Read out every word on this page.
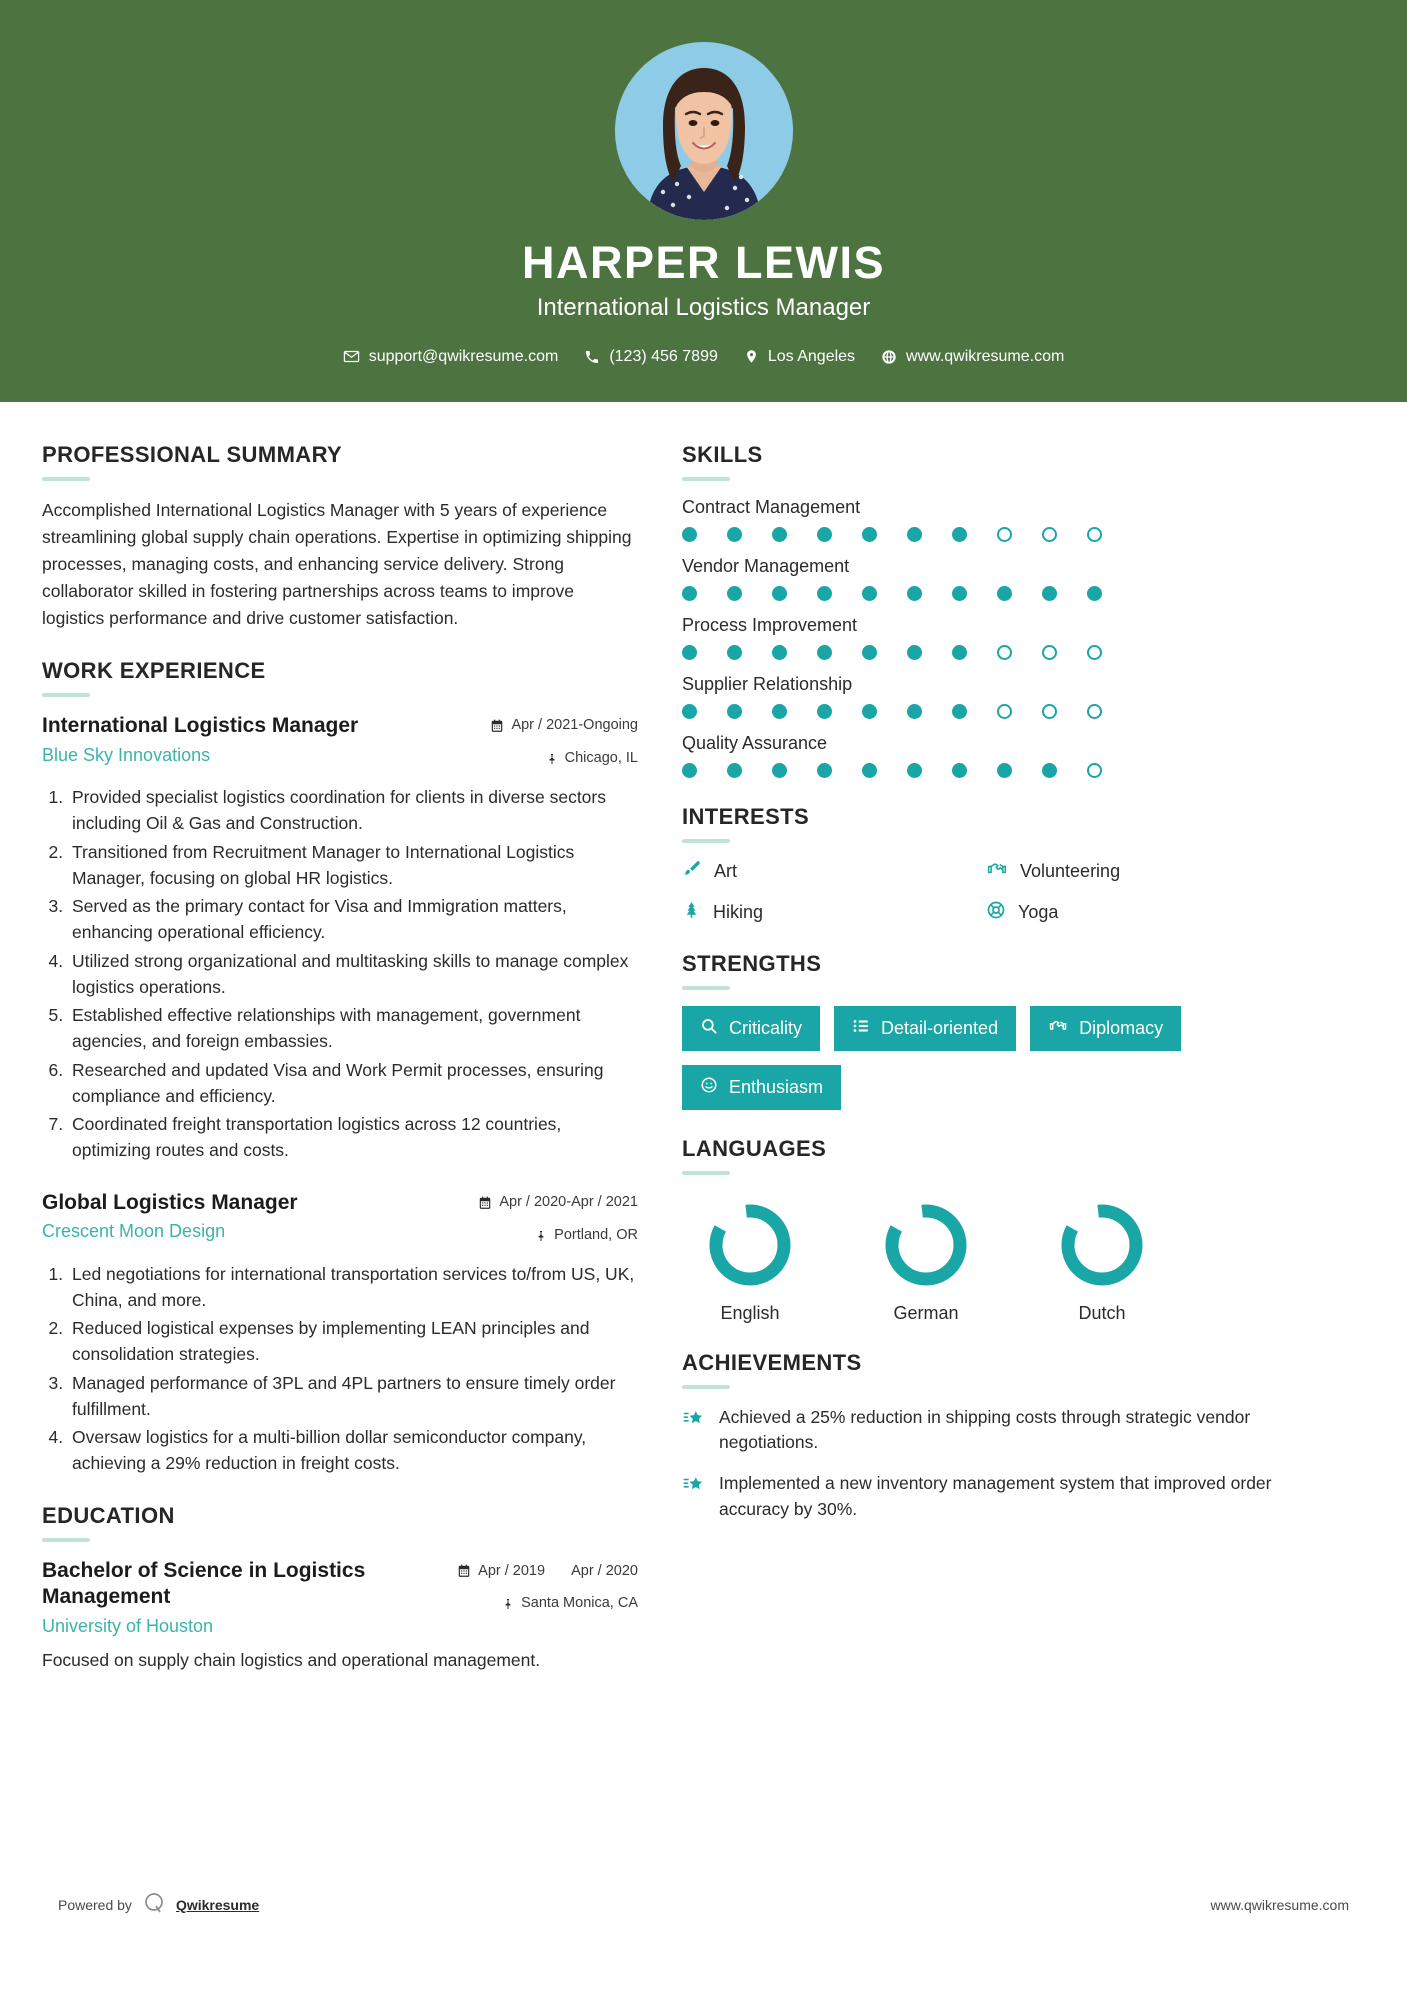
HARPER LEWIS
International Logistics Manager
support@qwikresume.com	(123) 456 7899	Los Angeles	www.qwikresume.com
PROFESSIONAL SUMMARY
Accomplished International Logistics Manager with 5 years of experience streamlining global supply chain operations. Expertise in optimizing shipping processes, managing costs, and enhancing service delivery. Strong collaborator skilled in fostering partnerships across teams to improve logistics performance and drive customer satisfaction.
WORK EXPERIENCE
International Logistics Manager
Blue Sky Innovations
Apr / 2021-Ongoing
Chicago, IL
1. Provided specialist logistics coordination for clients in diverse sectors including Oil & Gas and Construction.
2. Transitioned from Recruitment Manager to International Logistics Manager, focusing on global HR logistics.
3. Served as the primary contact for Visa and Immigration matters, enhancing operational efficiency.
4. Utilized strong organizational and multitasking skills to manage complex logistics operations.
5. Established effective relationships with management, government agencies, and foreign embassies.
6. Researched and updated Visa and Work Permit processes, ensuring compliance and efficiency.
7. Coordinated freight transportation logistics across 12 countries, optimizing routes and costs.
Global Logistics Manager
Crescent Moon Design
Apr / 2020-Apr / 2021
Portland, OR
1. Led negotiations for international transportation services to/from US, UK, China, and more.
2. Reduced logistical expenses by implementing LEAN principles and consolidation strategies.
3. Managed performance of 3PL and 4PL partners to ensure timely order fulfillment.
4. Oversaw logistics for a multi-billion dollar semiconductor company, achieving a 29% reduction in freight costs.
EDUCATION
Bachelor of Science in Logistics Management
University of Houston
Apr / 2019 Apr / 2020
Santa Monica, CA
Focused on supply chain logistics and operational management.
SKILLS
Contract Management
Vendor Management
Process Improvement
Supplier Relationship
Quality Assurance
INTERESTS
Art	Volunteering
Hiking	Yoga
STRENGTHS
Criticality	Detail-oriented	Diplomacy
Enthusiasm
LANGUAGES
English	German	Dutch
ACHIEVEMENTS
Achieved a 25% reduction in shipping costs through strategic vendor negotiations.
Implemented a new inventory management system that improved order accuracy by 30%.
Powered by	Qwikresume	www.qwikresume.com
